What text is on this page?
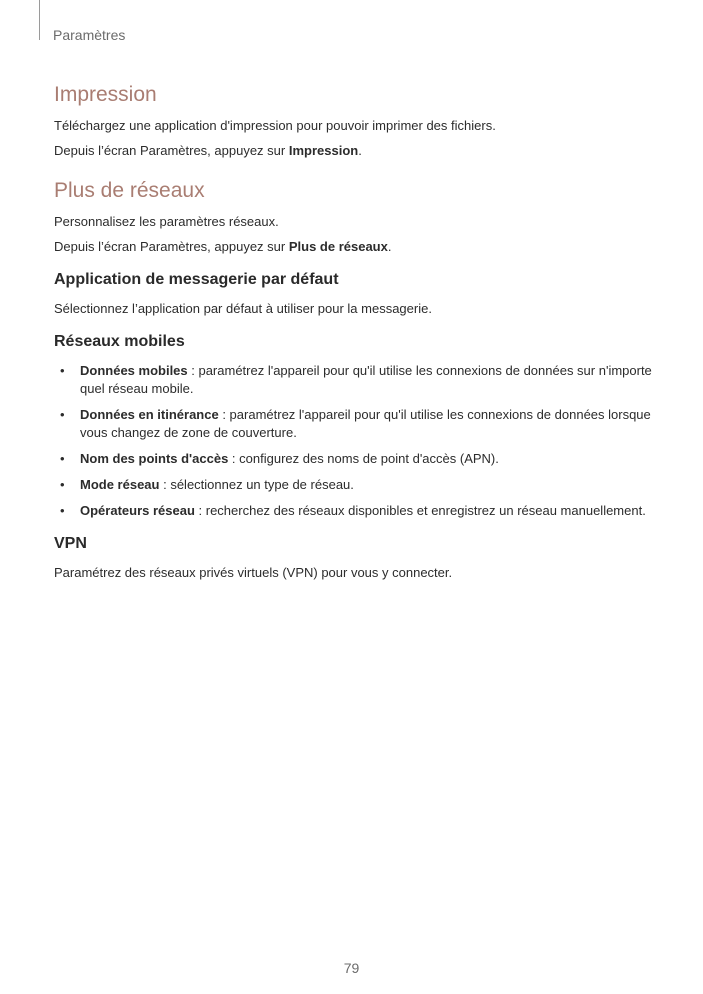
Paramètres
Impression

Téléchargez une application d'impression pour pouvoir imprimer des fichiers.

Depuis l’écran Paramètres, appuyez sur Impression.

Plus de réseaux

Personnalisez les paramètres réseaux.

Depuis l’écran Paramètres, appuyez sur Plus de réseaux.

Application de messagerie par défaut

Sélectionnez l’application par défaut à utiliser pour la messagerie.

Réseaux mobiles
• Données mobiles : paramétrez l'appareil pour qu'il utilise les connexions de données sur n'importe quel réseau mobile.
• Données en itinérance : paramétrez l'appareil pour qu'il utilise les connexions de données lorsque vous changez de zone de couverture.
• Nom des points d'accès : configurez des noms de point d'accès (APN).
• Mode réseau : sélectionnez un type de réseau.
• Opérateurs réseau : recherchez des réseaux disponibles et enregistrez un réseau manuellement.
VPN

Paramétrez des réseaux privés virtuels (VPN) pour vous y connecter.

79
